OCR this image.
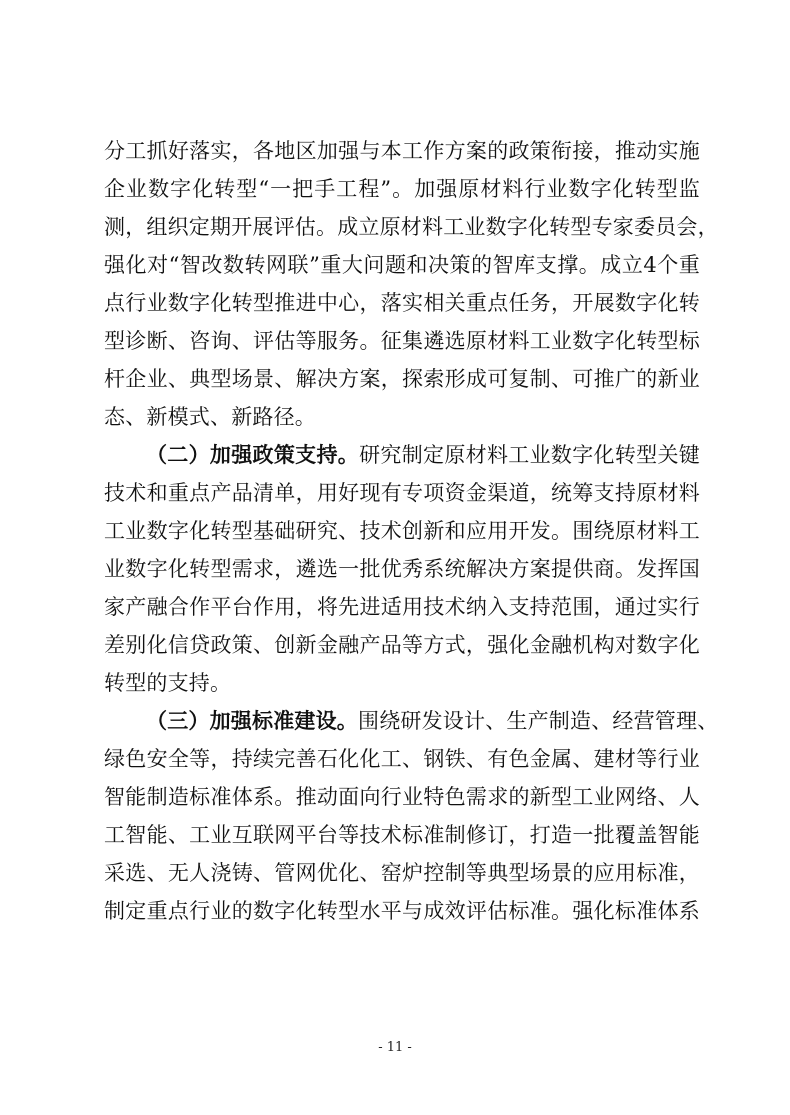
分工抓好落实，各地区加强与本工作方案的政策衔接，推动实施
企业数字化转型“一把手工程”。加强原材料行业数字化转型监
测，组织定期开展评估。成立原材料工业数字化转型专家委员会，
强化对“智改数转网联”重大问题和决策的智库支撑。成立4个重
点行业数字化转型推进中心，落实相关重点任务，开展数字化转
型诊断、咨询、评估等服务。征集遴选原材料工业数字化转型标
杆企业、典型场景、解决方案，探索形成可复制、可推广的新业
态、新模式、新路径。
（二）加强政策支持。研究制定原材料工业数字化转型关键
技术和重点产品清单，用好现有专项资金渠道，统筹支持原材料
工业数字化转型基础研究、技术创新和应用开发。围绕原材料工
业数字化转型需求，遴选一批优秀系统解决方案提供商。发挥国
家产融合作平台作用，将先进适用技术纳入支持范围，通过实行
差别化信贷政策、创新金融产品等方式，强化金融机构对数字化
转型的支持。
（三）加强标准建设。围绕研发设计、生产制造、经营管理、
绿色安全等，持续完善石化化工、钢铁、有色金属、建材等行业
智能制造标准体系。推动面向行业特色需求的新型工业网络、人
工智能、工业互联网平台等技术标准制修订，打造一批覆盖智能
采选、无人浇铸、管网优化、窑炉控制等典型场景的应用标准，
制定重点行业的数字化转型水平与成效评估标准。强化标准体系
- 11 -
